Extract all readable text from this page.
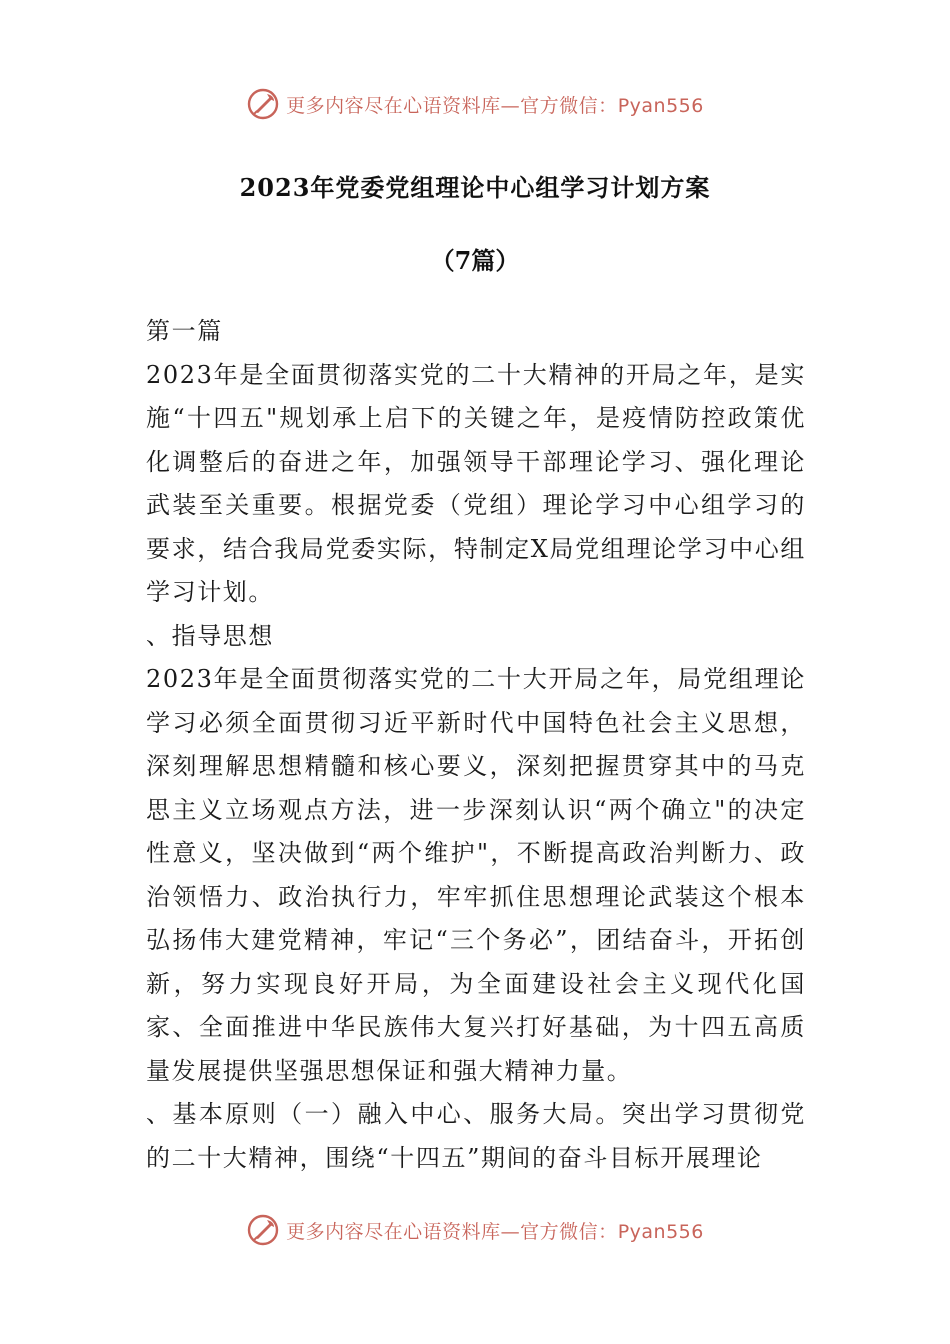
更多内容尽在心语资料库—官方微信：Pyan556
2023年党委党组理论中心组学习计划方案
（7篇）

第一篇

2023年是全面贯彻落实党的二十大精神的开局之年，是实施“十四五"规划承上启下的关键之年，是疫情防控政策优化调整后的奋进之年，加强领导干部理论学习、强化理论武装至关重要。根据党委（党组）理论学习中心组学习的要求，结合我局党委实际，特制定X局党组理论学习中心组学习计划。

、指导思想

2023年是全面贯彻落实党的二十大开局之年，局党组理论学习必须全面贯彻习近平新时代中国特色社会主义思想，深刻理解思想精髓和核心要义，深刻把握贯穿其中的马克思主义立场观点方法，进一步深刻认识“两个确立"的决定性意义，坚决做到“两个维护"，不断提高政治判断力、政治领悟力、政治执行力，牢牢抓住思想理论武装这个根本弘扬伟大建党精神，牢记“三个务必”，团结奋斗，开拓创新，努力实现良好开局，为全面建设社会主义现代化国家、全面推进中华民族伟大复兴打好基础，为十四五高质量发展提供坚强思想保证和强大精神力量。

、基本原则（一）融入中心、服务大局。突出学习贯彻党的二十大精神，围绕“十四五”期间的奋斗目标开展理论

更多内容尽在心语资料库—官方微信：Pyan556
